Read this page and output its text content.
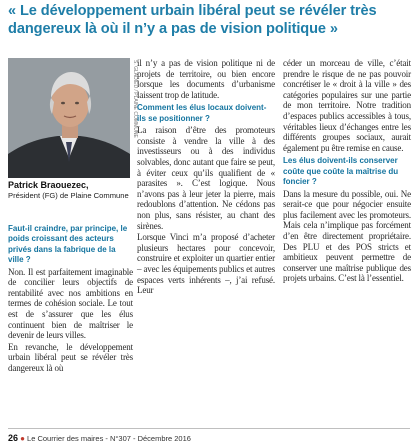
« Le développement urbain libéral peut se révéler très dangereux là où il n’y a pas de vision politique »
S. GLADIEU / PLAINE COMMUNE
Patrick Braouezec,
Président (FG) de Plaine Commune

Faut-il craindre, par principe, le poids croissant des acteurs privés dans la fabrique de la ville ?

Non. Il est parfaitement imaginable de concilier leurs objectifs de rentabilité avec nos ambitions en termes de cohésion sociale. Le tout est de s’assurer que les élus continuent bien de maîtriser le devenir de leurs villes.

En revanche, le développement urbain libéral peut se révéler très dangereux là où

il n’y a pas de vision politique ni de projets de territoire, ou bien encore lorsque les documents d’urbanisme laissent trop de latitude.

Comment les élus locaux doivent-ils se positionner ?

La raison d’être des promoteurs consiste à vendre la ville à des investisseurs ou à des individus solvables, donc autant que faire se peut, à éviter ceux qu’ils qualifient de « parasites ». C’est logique. Nous n’avons pas à leur jeter la pierre, mais redoublons d’attention. Ne cédons pas non plus, sans résister, au chant des sirènes.

Lorsque Vinci m’a proposé d’acheter plusieurs hectares pour concevoir, construire et exploiter un quartier entier – avec les équipements publics et autres espaces verts inhérents –, j’ai refusé. Leur

céder un morceau de ville, c’était prendre le risque de ne pas pouvoir concrétiser le « droit à la ville » des catégories populaires sur une partie de mon territoire. Notre tradition d’espaces publics accessibles à tous, véritables lieux d’échanges entre les différents groupes sociaux, aurait également pu être remise en cause.

Les élus doivent-ils conserver coûte que coûte la maîtrise du foncier ?

Dans la mesure du possible, oui. Ne serait-ce que pour négocier ensuite plus facilement avec les promoteurs. Mais cela n’implique pas forcément d’en être directement propriétaire. Des PLU et des POS stricts et ambitieux peuvent permettre de conserver une maîtrise publique des projets urbains. C’est là l’essentiel.

26 ● Le Courrier des maires - N°307 - Décembre 2016
